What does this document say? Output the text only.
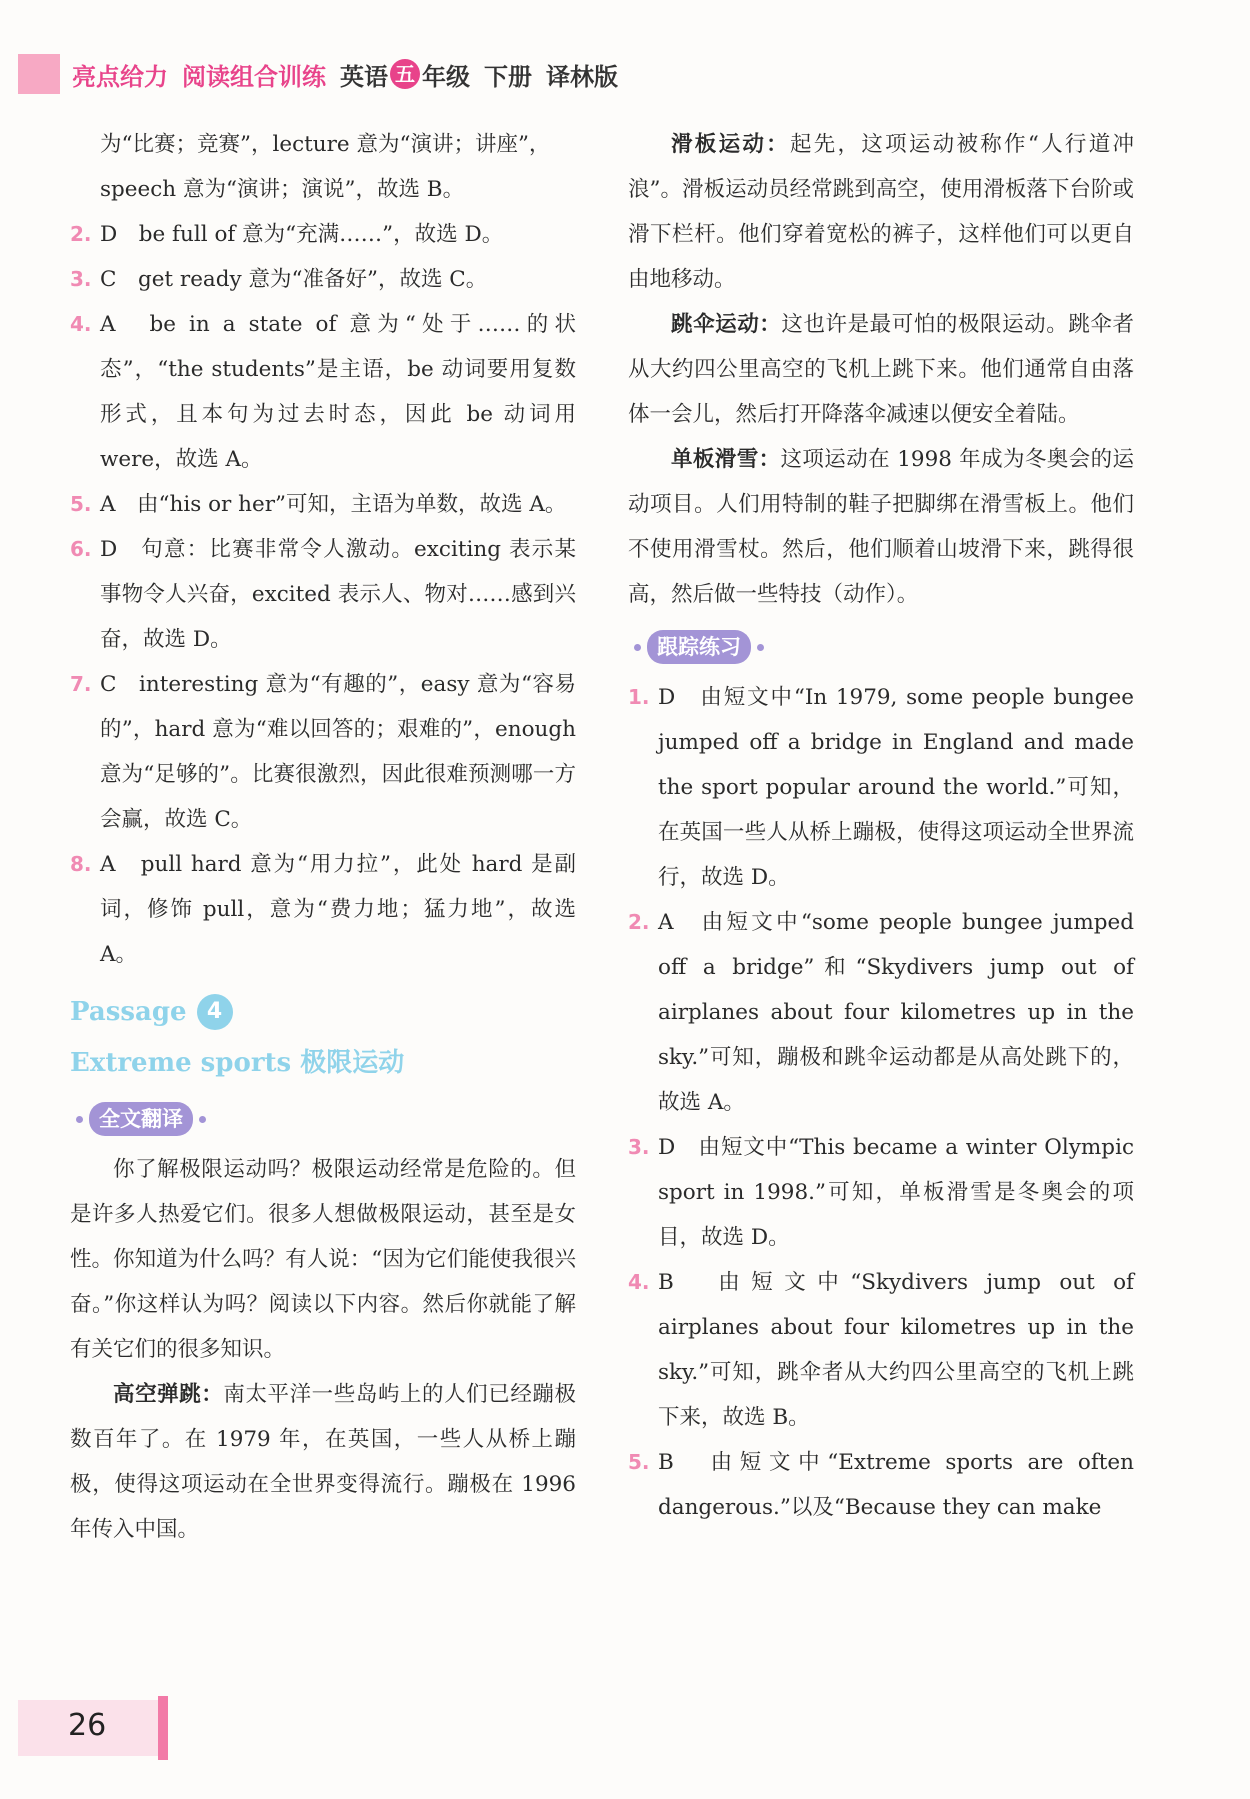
亮点给力 阅读组合训练 英语 五 年级 下册 译林版

为“比赛；竞赛”，lecture 意为“演讲；讲座”，

speech 意为“演讲；演说”，故选 B。

2. D　be full of 意为“充满……”，故选 D。
3. C　get ready 意为“准备好”，故选 C。
4. A　be in a state of 意为“处于……的状态”，“the students”是主语，be 动词要用复数形式，且本句为过去时态，因此 be 动词用 were，故选 A。
5. A　由“his or her”可知，主语为单数，故选 A。
6. D　句意：比赛非常令人激动。exciting 表示某事物令人兴奋，excited 表示人、物对……感到兴奋，故选 D。
7. C　interesting 意为“有趣的”，easy 意为“容易的”，hard 意为“难以回答的；艰难的”，enough 意为“足够的”。比赛很激烈，因此很难预测哪一方会赢，故选 C。
8. A　pull hard 意为“用力拉”，此处 hard 是副词，修饰 pull，意为“费力地；猛力地”，故选 A。
Passage 4
Extreme sports 极限运动
全文翻译

你了解极限运动吗？极限运动经常是危险的。但是许多人热爱它们。很多人想做极限运动，甚至是女性。你知道为什么吗？有人说：“因为它们能使我很兴奋。”你这样认为吗？阅读以下内容。然后你就能了解有关它们的很多知识。

高空弹跳：南太平洋一些岛屿上的人们已经蹦极数百年了。在 1979 年，在英国，一些人从桥上蹦极，使得这项运动在全世界变得流行。蹦极在 1996 年传入中国。

滑板运动：起先，这项运动被称作“人行道冲浪”。滑板运动员经常跳到高空，使用滑板落下台阶或滑下栏杆。他们穿着宽松的裤子，这样他们可以更自由地移动。

跳伞运动：这也许是最可怕的极限运动。跳伞者从大约四公里高空的飞机上跳下来。他们通常自由落体一会儿，然后打开降落伞减速以便安全着陆。

单板滑雪：这项运动在 1998 年成为冬奥会的运动项目。人们用特制的鞋子把脚绑在滑雪板上。他们不使用滑雪杖。然后，他们顺着山坡滑下来，跳得很高，然后做一些特技（动作）。

跟踪练习
1. D　由短文中“In 1979, some people bungee jumped off a bridge in England and made the sport popular around the world.”可知，在英国一些人从桥上蹦极，使得这项运动全世界流行，故选 D。
2. A　由短文中“some people bungee jumped off a bridge”和“Skydivers jump out of airplanes about four kilometres up in the sky.”可知，蹦极和跳伞运动都是从高处跳下的，故选 A。
3. D　由短文中“This became a winter Olympic sport in 1998.”可知，单板滑雪是冬奥会的项目，故选 D。
4. B　由短文中“Skydivers jump out of airplanes about four kilometres up in the sky.”可知，跳伞者从大约四公里高空的飞机上跳下来，故选 B。
5. B　由短文中“Extreme sports are often dangerous.”以及“Because they can make
26
